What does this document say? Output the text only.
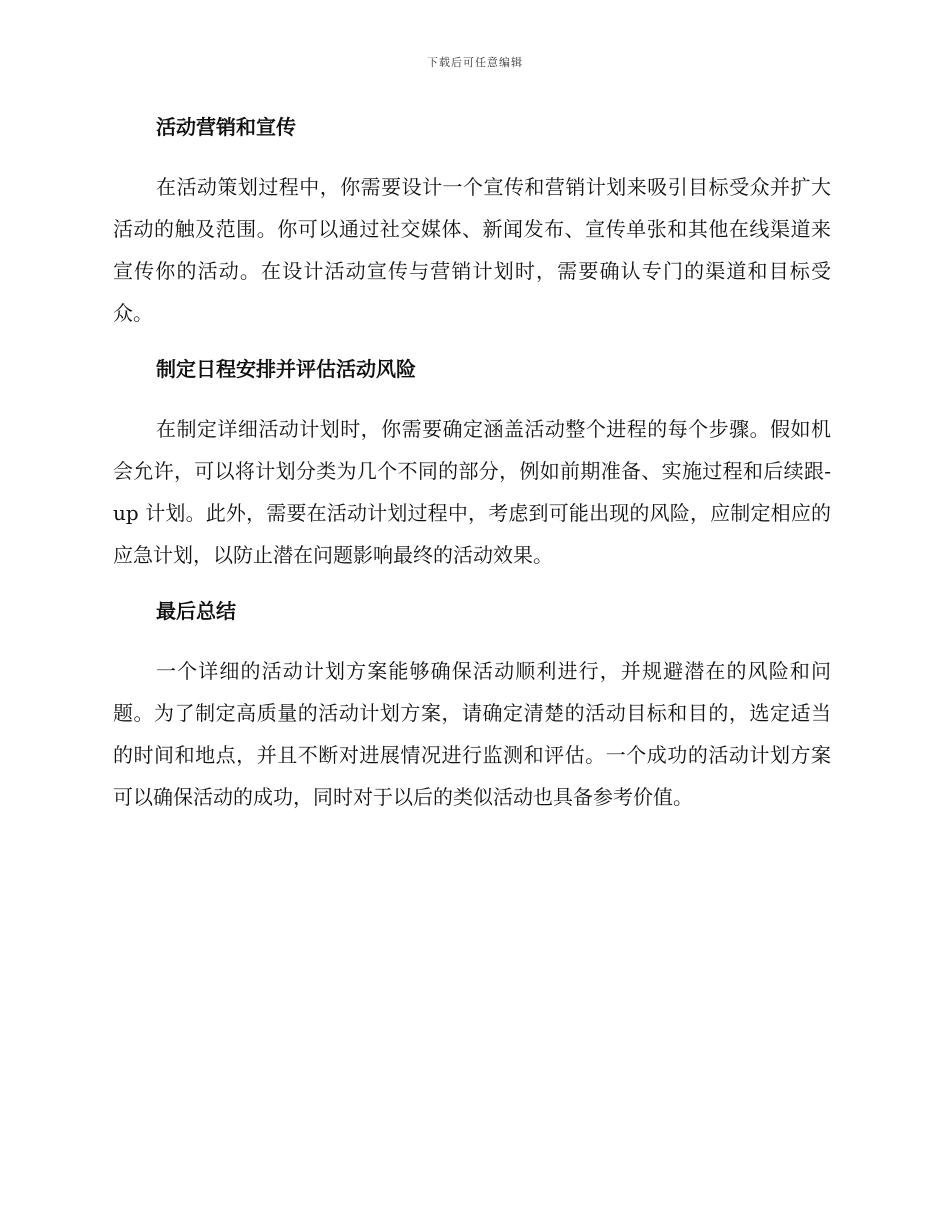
下载后可任意编辑
活动营销和宣传

在活动策划过程中，你需要设计一个宣传和营销计划来吸引目标受众并扩大活动的触及范围。你可以通过社交媒体、新闻发布、宣传单张和其他在线渠道来宣传你的活动。在设计活动宣传与营销计划时，需要确认专门的渠道和目标受众。

制定日程安排并评估活动风险

在制定详细活动计划时，你需要确定涵盖活动整个进程的每个步骤。假如机会允许，可以将计划分类为几个不同的部分，例如前期准备、实施过程和后续跟-up 计划。此外，需要在活动计划过程中，考虑到可能出现的风险，应制定相应的应急计划，以防止潜在问题影响最终的活动效果。

最后总结

一个详细的活动计划方案能够确保活动顺利进行，并规避潜在的风险和问题。为了制定高质量的活动计划方案，请确定清楚的活动目标和目的，选定适当的时间和地点，并且不断对进展情况进行监测和评估。一个成功的活动计划方案可以确保活动的成功，同时对于以后的类似活动也具备参考价值。
